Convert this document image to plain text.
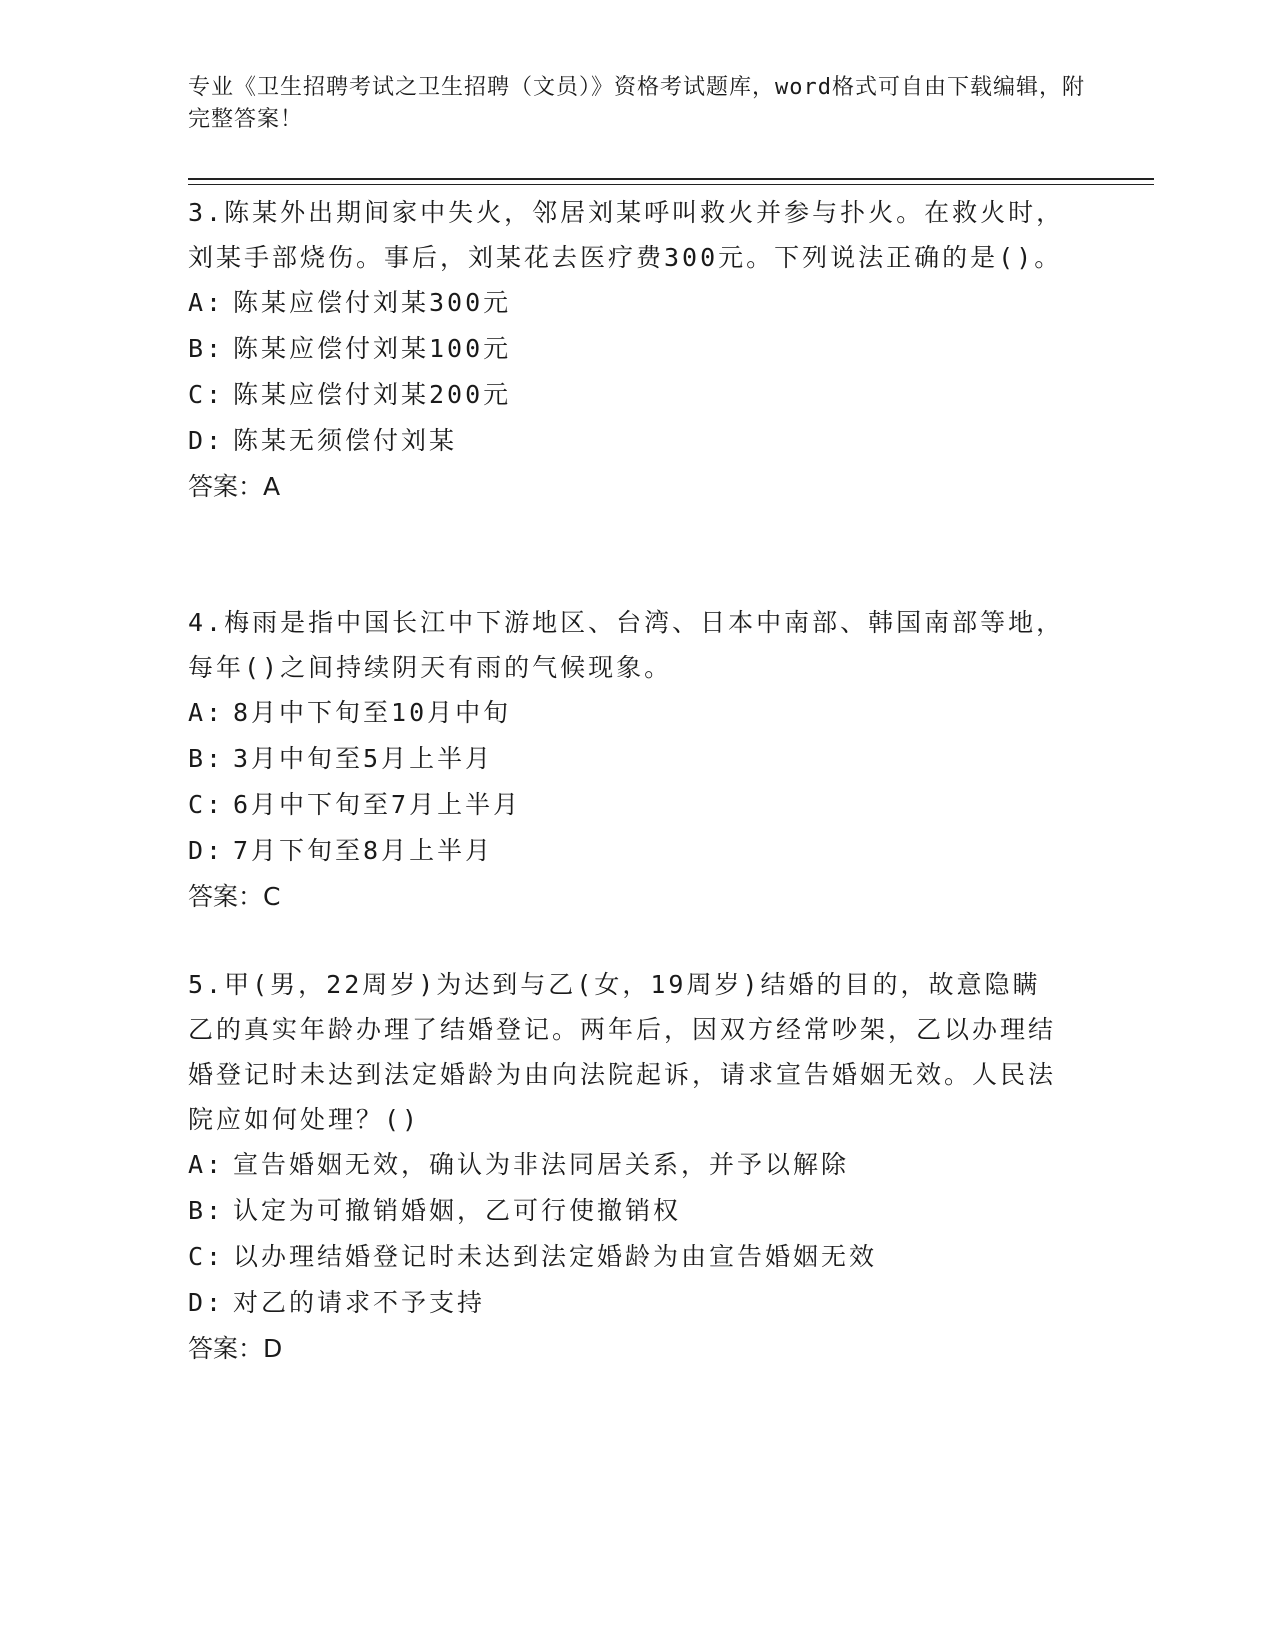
专业《卫生招聘考试之卫生招聘（文员）》资格考试题库，word格式可自由下载编辑，附完整答案！

3.陈某外出期间家中失火，邻居刘某呼叫救火并参与扑火。在救火时，刘某手部烧伤。事后，刘某花去医疗费300元。下列说法正确的是()。

A: 陈某应偿付刘某300元

B: 陈某应偿付刘某100元

C: 陈某应偿付刘某200元

D: 陈某无须偿付刘某

答案：A

4.梅雨是指中国长江中下游地区、台湾、日本中南部、韩国南部等地，每年()之间持续阴天有雨的气候现象。

A: 8月中下旬至10月中旬

B: 3月中旬至5月上半月

C: 6月中下旬至7月上半月

D: 7月下旬至8月上半月

答案：C

5.甲(男，22周岁)为达到与乙(女，19周岁)结婚的目的，故意隐瞒乙的真实年龄办理了结婚登记。两年后，因双方经常吵架，乙以办理结婚登记时未达到法定婚龄为由向法院起诉，请求宣告婚姻无效。人民法院应如何处理？()

A: 宣告婚姻无效，确认为非法同居关系，并予以解除

B: 认定为可撤销婚姻，乙可行使撤销权

C: 以办理结婚登记时未达到法定婚龄为由宣告婚姻无效

D: 对乙的请求不予支持

答案：D
